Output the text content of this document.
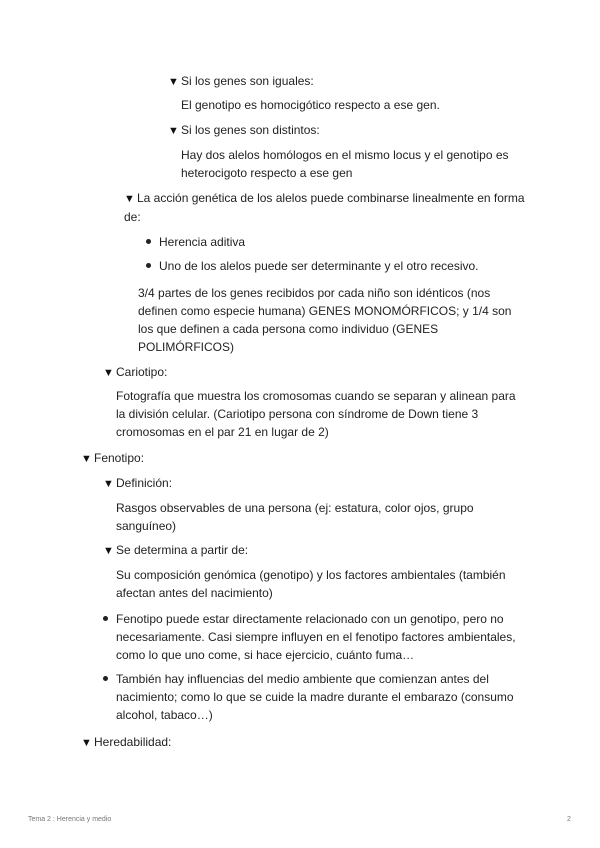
▼ Si los genes son iguales:
El genotipo es homocigótico respecto a ese gen.
▼ Si los genes son distintos:
Hay dos alelos homólogos en el mismo locus y el genotipo es heterocigoto respecto a ese gen
▼ La acción genética de los alelos puede combinarse linealmente en forma de:
Herencia aditiva
Uno de los alelos puede ser determinante y el otro recesivo.
3/4 partes de los genes recibidos por cada niño son idénticos (nos definen como especie humana) GENES MONOMÓRFICOS; y 1/4 son los que definen a cada persona como individuo (GENES POLIMÓRFICOS)
▼ Cariotipo:
Fotografía que muestra los cromosomas cuando se separan y alinean para la división celular. (Cariotipo persona con síndrome de Down tiene 3 cromosomas en el par 21 en lugar de 2)
▼ Fenotipo:
▼ Definición:
Rasgos observables de una persona (ej: estatura, color ojos, grupo sanguíneo)
▼ Se determina a partir de:
Su composición genómica (genotipo) y los factores ambientales (también afectan antes del nacimiento)
Fenotipo puede estar directamente relacionado con un genotipo, pero no necesariamente. Casi siempre influyen en el fenotipo factores ambientales, como lo que uno come, si hace ejercicio, cuánto fuma…
También hay influencias del medio ambiente que comienzan antes del nacimiento; como lo que se cuide la madre durante el embarazo (consumo alcohol, tabaco…)
▼ Heredabilidad:
Tema 2 : Herencia y medio	2
